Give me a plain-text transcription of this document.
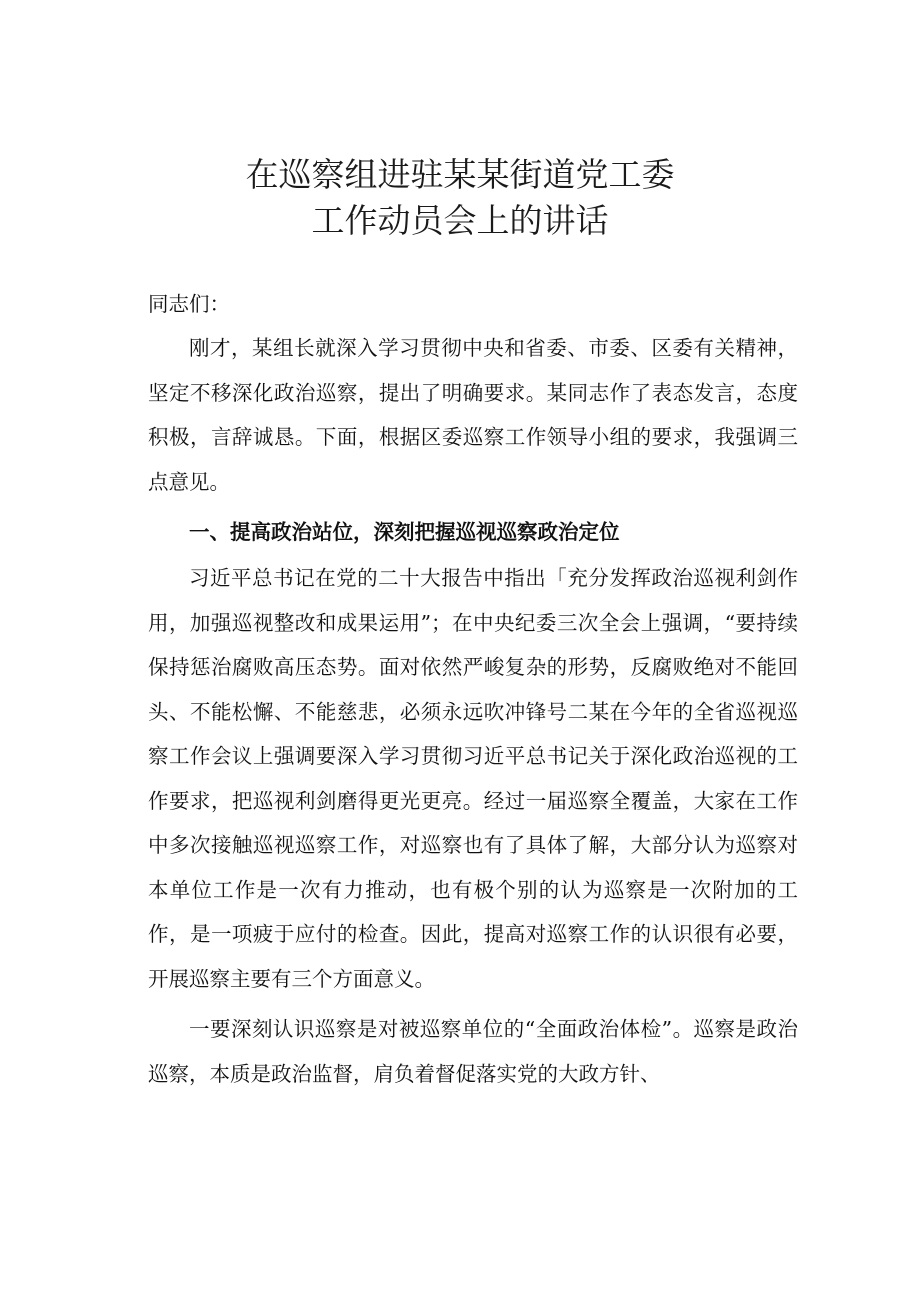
在巡察组进驻某某街道党工委
工作动员会上的讲话
同志们：

刚才，某组长就深入学习贯彻中央和省委、市委、区委有关精神，坚定不移深化政治巡察，提出了明确要求。某同志作了表态发言，态度积极，言辞诚恳。下面，根据区委巡察工作领导小组的要求，我强调三点意见。

一、提高政治站位，深刻把握巡视巡察政治定位

习近平总书记在党的二十大报告中指出「充分发挥政治巡视利剑作用，加强巡视整改和成果运用”；在中央纪委三次全会上强调，“要持续保持惩治腐败高压态势。面对依然严峻复杂的形势，反腐败绝对不能回头、不能松懈、不能慈悲，必须永远吹冲锋号二某在今年的全省巡视巡察工作会议上强调要深入学习贯彻习近平总书记关于深化政治巡视的工作要求，把巡视利剑磨得更光更亮。经过一届巡察全覆盖，大家在工作中多次接触巡视巡察工作，对巡察也有了具体了解，大部分认为巡察对本单位工作是一次有力推动，也有极个别的认为巡察是一次附加的工作，是一项疲于应付的检查。因此，提高对巡察工作的认识很有必要，开展巡察主要有三个方面意义。

一要深刻认识巡察是对被巡察单位的“全面政治体检”。巡察是政治巡察，本质是政治监督，肩负着督促落实党的大政方针、
